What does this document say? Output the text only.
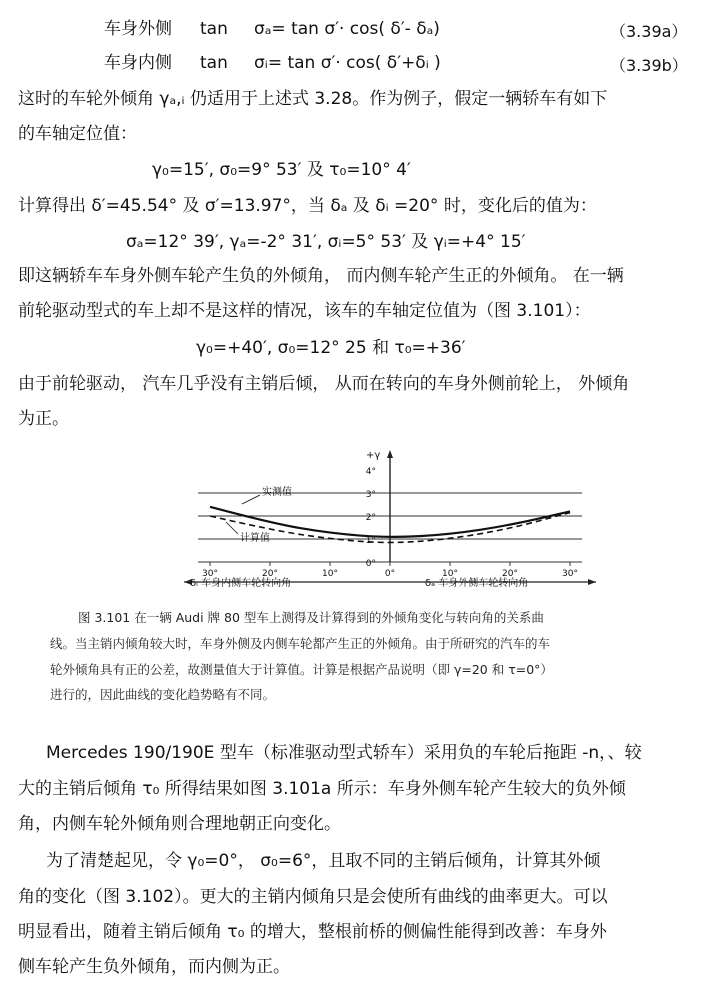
车身外侧 tan σₐ= tan σ′· cos( δ′- δₐ)	（3.39a）
车身内侧 tan σᵢ= tan σ′· cos( δ′+δᵢ )	（3.39b）
这时的车轮外倾角 γₐ,ᵢ 仍适用于上述式 3.28。作为例子，假定一辆轿车有如下
的车轴定位值：
γ₀=15′, σ₀=9° 53′ 及 τ₀=10° 4′
计算得出 δ′=45.54° 及 σ′=13.97°，当 δₐ 及 δᵢ =20° 时，变化后的值为：
σₐ=12° 39′, γₐ=-2° 31′, σᵢ=5° 53′ 及 γᵢ=+4° 15′
即这辆轿车车身外侧车轮产生负的外倾角， 而内侧车轮产生正的外倾角。 在一辆
前轮驱动型式的车上却不是这样的情况，该车的车轴定位值为（图 3.101）：
γ₀=+40′, σ₀=12° 25 和 τ₀=+36′
由于前轮驱动， 汽车几乎没有主销后倾， 从而在转向的车身外侧前轮上， 外倾角
为正。
4°
3°
2°
1°
0°
+γ
30°	20°	10°	0°	10°	20°	30°
δᵢ 车身内侧车轮转向角	δₐ 车身外侧车轮转向角
实测值
计算值
图 3.101 在一辆 Audi 牌 80 型车上测得及计算得到的外倾角变化与转向角的关系曲
线。当主销内倾角较大时，车身外侧及内侧车轮都产生正的外倾角。由于所研究的汽车的车
轮外倾角具有正的公差，故测量值大于计算值。计算是根据产品说明（即 γ=20 和 τ=0°）
进行的，因此曲线的变化趋势略有不同。
Mercedes 190/190E 型车（标准驱动型式轿车）采用负的车轮后拖距 -n，、较
大的主销后倾角 τ₀ 所得结果如图 3.101a 所示：车身外侧车轮产生较大的负外倾
角，内侧车轮外倾角则合理地朝正向变化。
为了清楚起见，令 γ₀=0°， σ₀=6°，且取不同的主销后倾角，计算其外倾
角的变化（图 3.102）。更大的主销内倾角只是会使所有曲线的曲率更大。可以
明显看出，随着主销后倾角 τ₀ 的增大，整根前桥的侧偏性能得到改善：车身外
侧车轮产生负外倾角，而内侧为正。
